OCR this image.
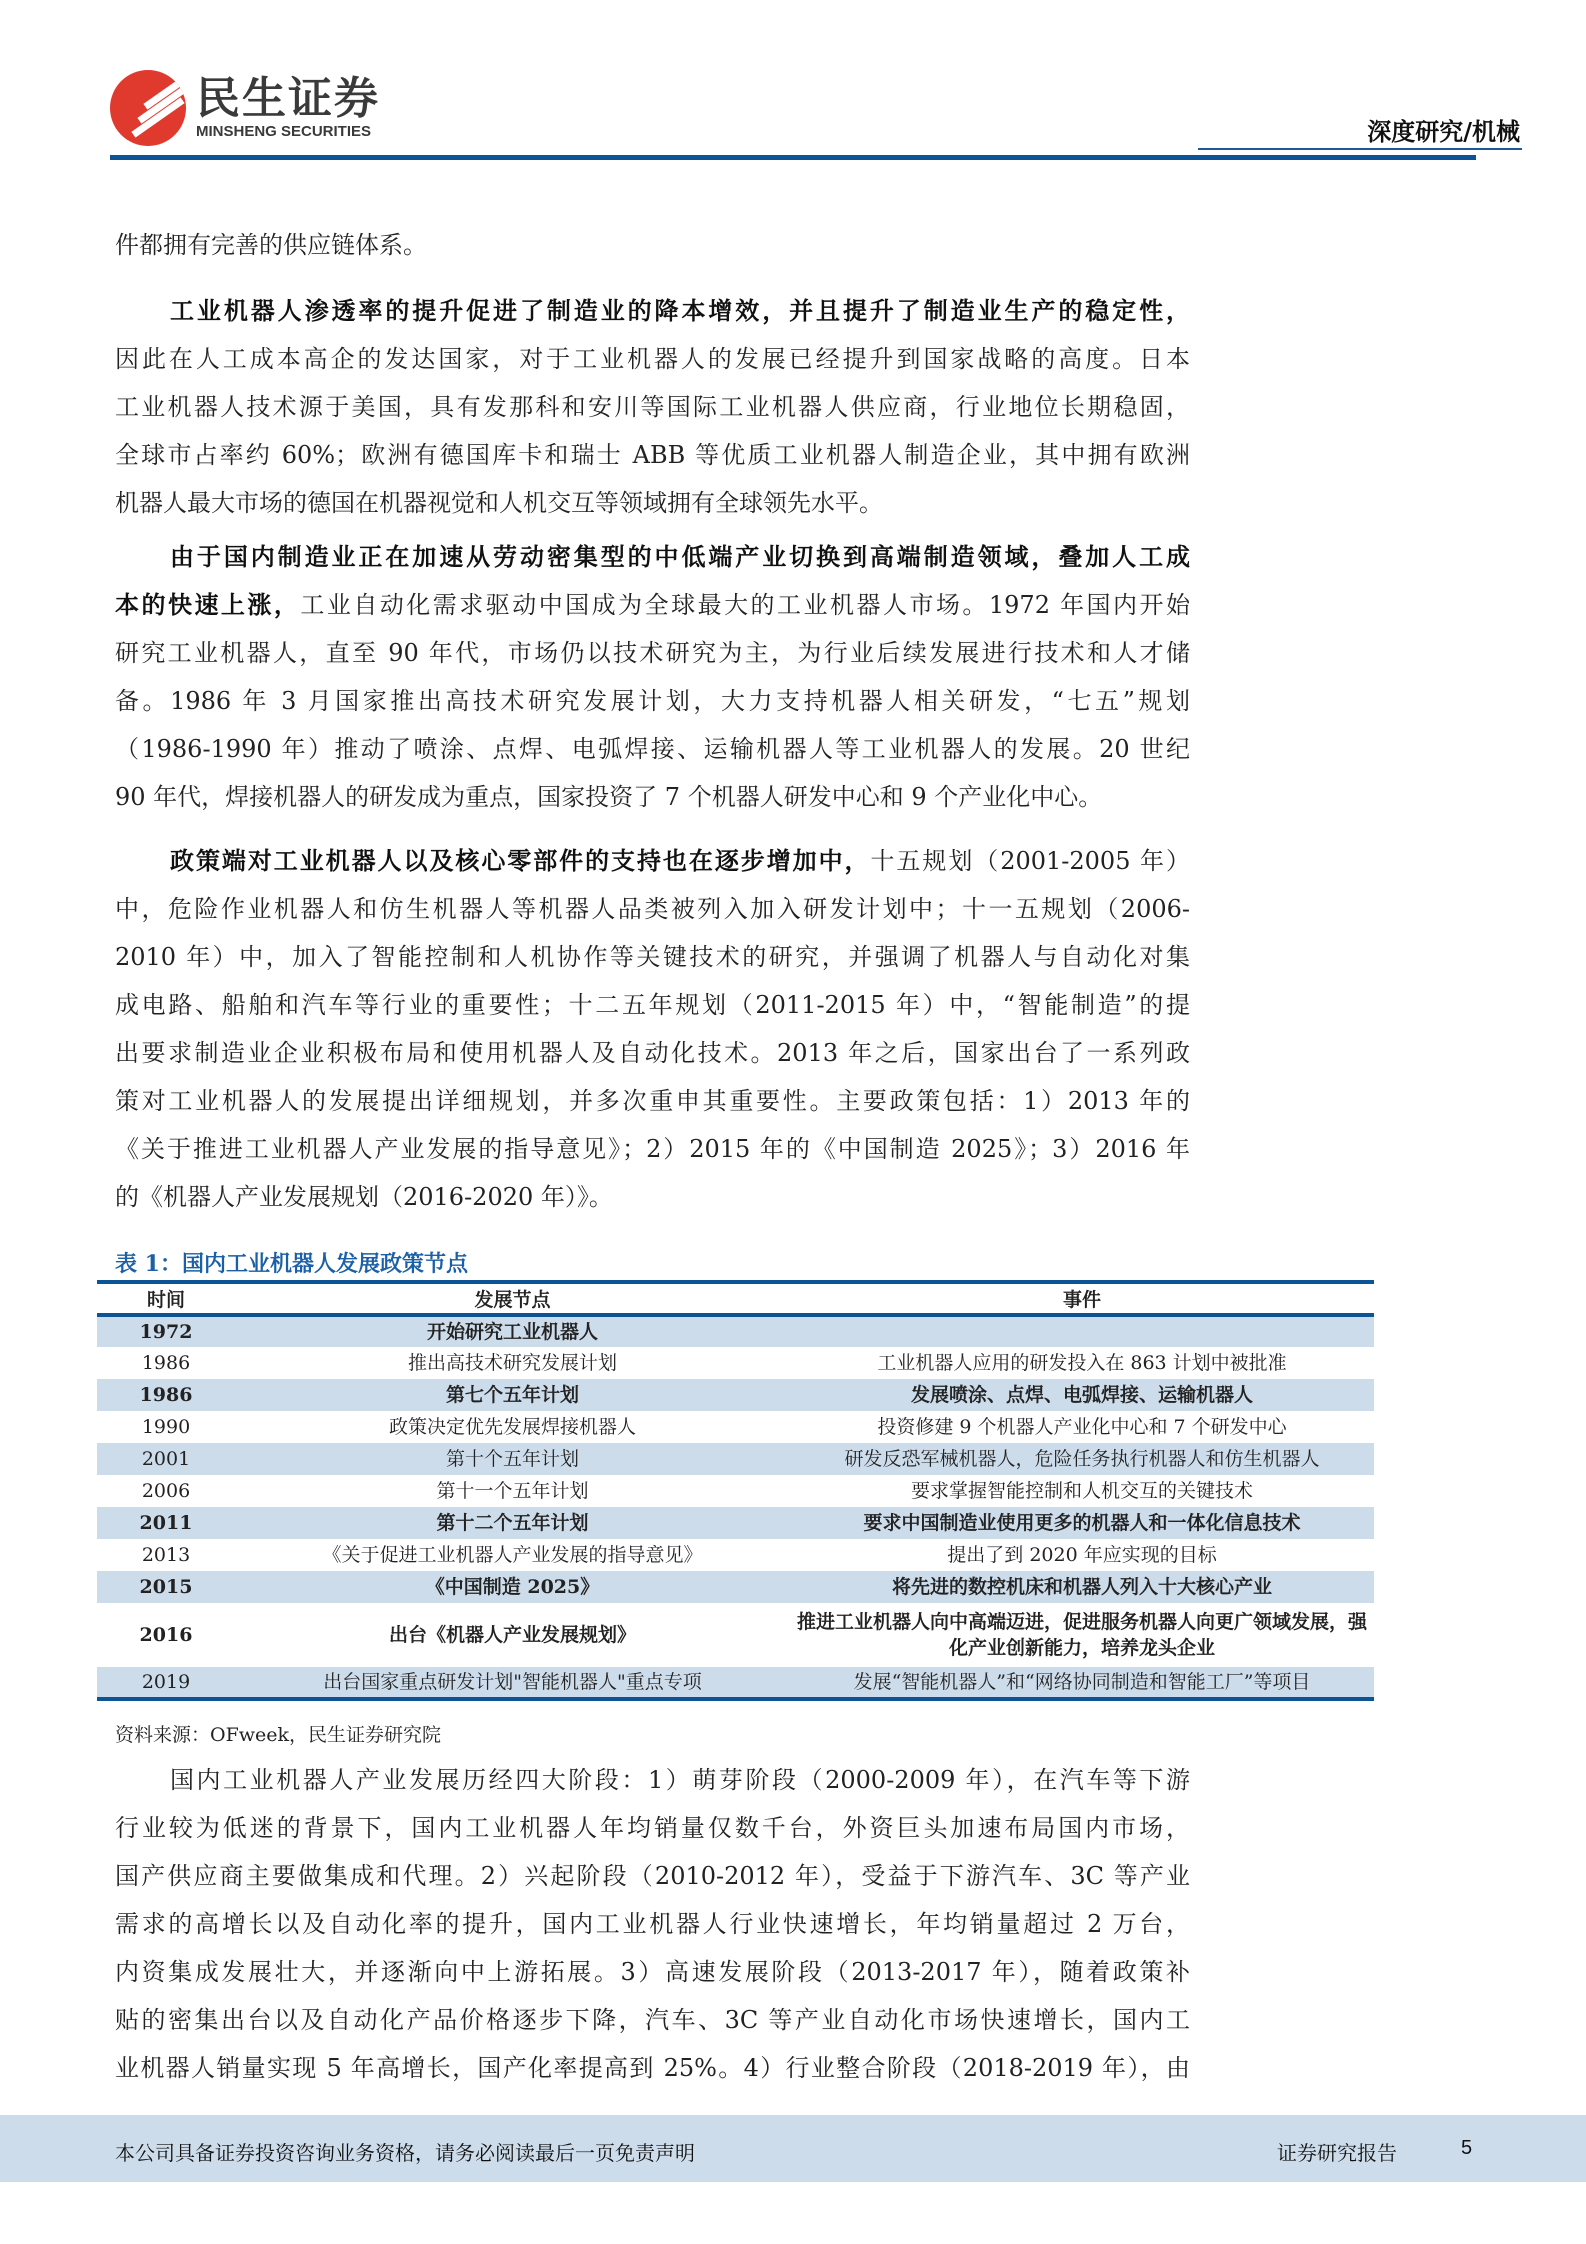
民生证券
MINSHENG SECURITIES	深度研究/机械
件都拥有完善的供应链体系。
工业机器人渗透率的提升促进了制造业的降本增效，并且提升了制造业生产的稳定性，
因此在人工成本高企的发达国家，对于工业机器人的发展已经提升到国家战略的高度。日本
工业机器人技术源于美国，具有发那科和安川等国际工业机器人供应商，行业地位长期稳固，
全球市占率约 60%；欧洲有德国库卡和瑞士 ABB 等优质工业机器人制造企业，其中拥有欧洲
机器人最大市场的德国在机器视觉和人机交互等领域拥有全球领先水平。
由于国内制造业正在加速从劳动密集型的中低端产业切换到高端制造领域，叠加人工成
本的快速上涨，工业自动化需求驱动中国成为全球最大的工业机器人市场。1972 年国内开始
研究工业机器人，直至 90 年代，市场仍以技术研究为主，为行业后续发展进行技术和人才储
备。1986 年 3 月国家推出高技术研究发展计划，大力支持机器人相关研发，“七五”规划
（1986-1990 年）推动了喷涂、点焊、电弧焊接、运输机器人等工业机器人的发展。20 世纪
90 年代，焊接机器人的研发成为重点，国家投资了 7 个机器人研发中心和 9 个产业化中心。
政策端对工业机器人以及核心零部件的支持也在逐步增加中，十五规划（2001-2005 年）
中，危险作业机器人和仿生机器人等机器人品类被列入加入研发计划中；十一五规划（2006-
2010 年）中，加入了智能控制和人机协作等关键技术的研究，并强调了机器人与自动化对集
成电路、船舶和汽车等行业的重要性；十二五年规划（2011-2015 年）中，“智能制造”的提
出要求制造业企业积极布局和使用机器人及自动化技术。2013 年之后，国家出台了一系列政
策对工业机器人的发展提出详细规划，并多次重申其重要性。主要政策包括：1）2013 年的
《关于推进工业机器人产业发展的指导意见》；2）2015 年的《中国制造 2025》；3）2016 年
的《机器人产业发展规划（2016-2020 年）》。
国内工业机器人产业发展历经四大阶段：1）萌芽阶段（2000-2009 年），在汽车等下游
行业较为低迷的背景下，国内工业机器人年均销量仅数千台，外资巨头加速布局国内市场，
国产供应商主要做集成和代理。2）兴起阶段（2010-2012 年），受益于下游汽车、3C 等产业
需求的高增长以及自动化率的提升，国内工业机器人行业快速增长，年均销量超过 2 万台，
内资集成发展壮大，并逐渐向中上游拓展。3）高速发展阶段（2013-2017 年），随着政策补
贴的密集出台以及自动化产品价格逐步下降，汽车、3C 等产业自动化市场快速增长，国内工
业机器人销量实现 5 年高增长，国产化率提高到 25%。4）行业整合阶段（2018-2019 年），由
表 1：国内工业机器人发展政策节点
时间	发展节点	事件
1972	开始研究工业机器人	
1986	推出高技术研究发展计划	工业机器人应用的研发投入在 863 计划中被批准
1986	第七个五年计划	发展喷涂、点焊、电弧焊接、运输机器人
1990	政策决定优先发展焊接机器人	投资修建 9 个机器人产业化中心和 7 个研发中心
2001	第十个五年计划	研发反恐军械机器人，危险任务执行机器人和仿生机器人
2006	第十一个五年计划	要求掌握智能控制和人机交互的关键技术
2011	第十二个五年计划	要求中国制造业使用更多的机器人和一体化信息技术
2013	《关于促进工业机器人产业发展的指导意见》	提出了到 2020 年应实现的目标
2015	《中国制造 2025》	将先进的数控机床和机器人列入十大核心产业
2016	出台《机器人产业发展规划》	推进工业机器人向中高端迈进，促进服务机器人向更广领域发展，强化产业创新能力，培养龙头企业
2019	出台国家重点研发计划"智能机器人"重点专项	发展“智能机器人”和“网络协同制造和智能工厂”等项目
资料来源：OFweek，民生证券研究院
本公司具备证券投资咨询业务资格，请务必阅读最后一页免责声明	证券研究报告	5
